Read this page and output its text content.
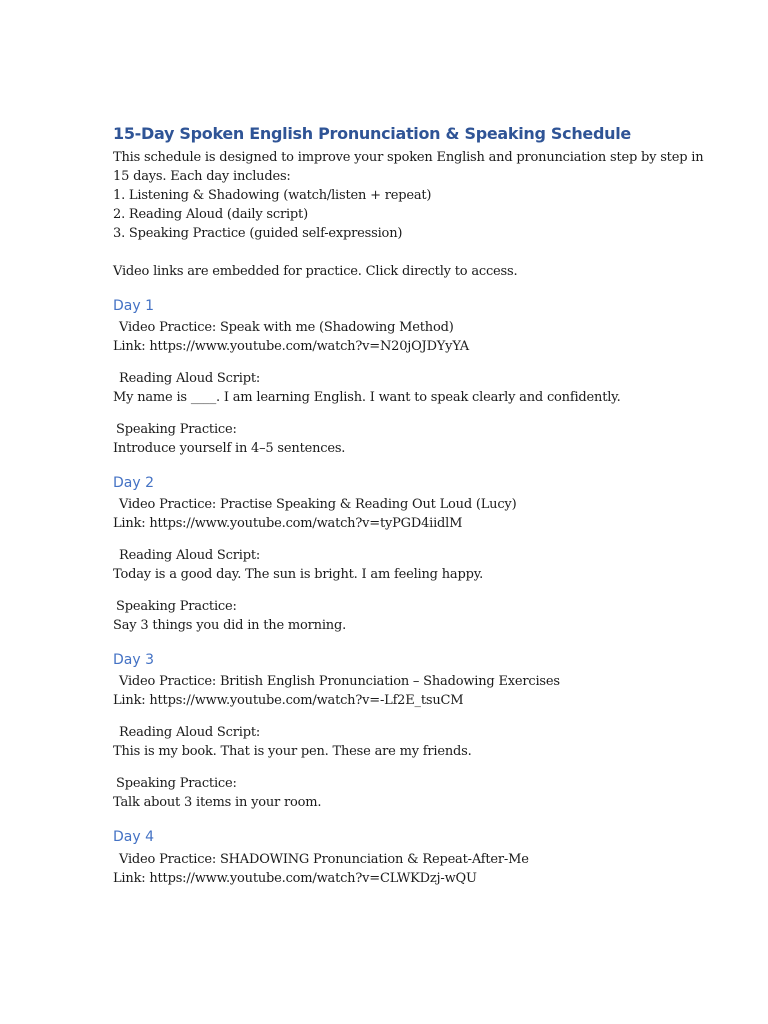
15-Day Spoken English Pronunciation & Speaking Schedule

This schedule is designed to improve your spoken English and pronunciation step by step in

15 days. Each day includes:

1. Listening & Shadowing (watch/listen + repeat)

2. Reading Aloud (daily script)

3. Speaking Practice (guided self-expression)

Video links are embedded for practice. Click directly to access.

Day 1

Video Practice: Speak with me (Shadowing Method)

Link: https://www.youtube.com/watch?v=N20jOJDYyYA

Reading Aloud Script:

My name is ____. I am learning English. I want to speak clearly and confidently.

Speaking Practice:

Introduce yourself in 4–5 sentences.

Day 2

Video Practice: Practise Speaking & Reading Out Loud (Lucy)

Link: https://www.youtube.com/watch?v=tyPGD4iidlM

Reading Aloud Script:

Today is a good day. The sun is bright. I am feeling happy.

Speaking Practice:

Say 3 things you did in the morning.

Day 3

Video Practice: British English Pronunciation – Shadowing Exercises

Link: https://www.youtube.com/watch?v=-Lf2E_tsuCM

Reading Aloud Script:

This is my book. That is your pen. These are my friends.

Speaking Practice:

Talk about 3 items in your room.

Day 4

Video Practice: SHADOWING Pronunciation & Repeat-After-Me

Link: https://www.youtube.com/watch?v=CLWKDzj-wQU
